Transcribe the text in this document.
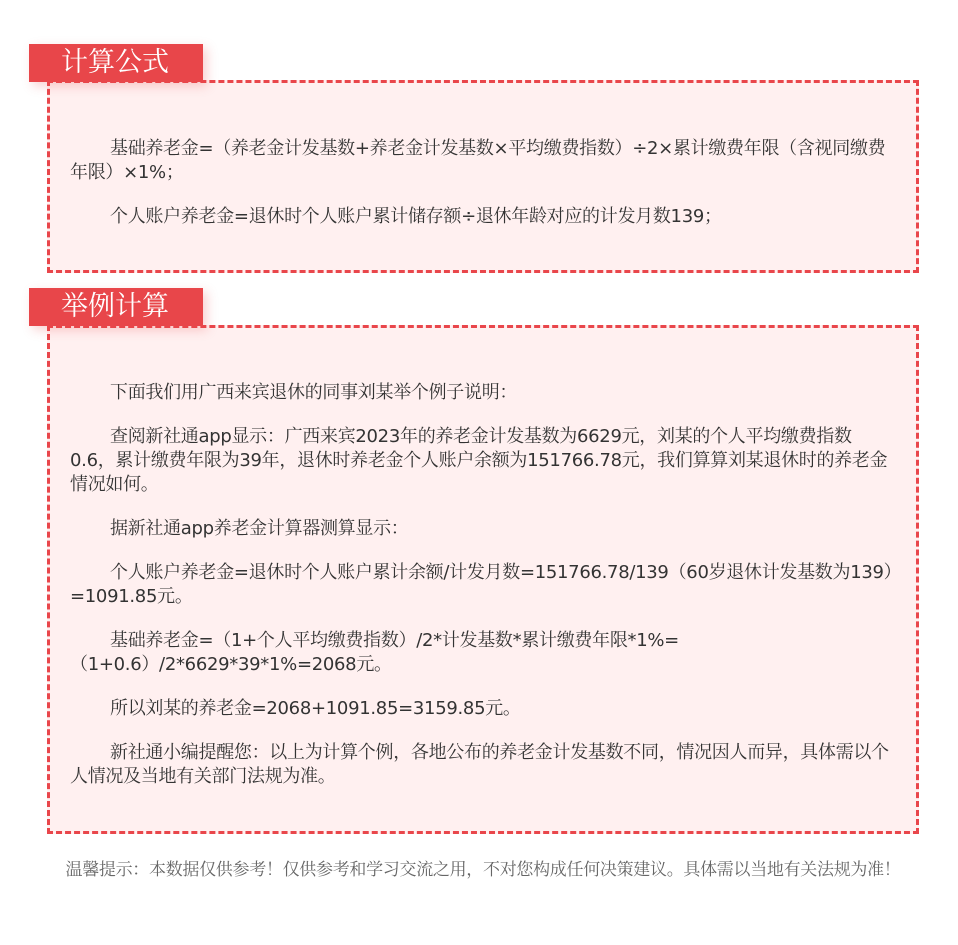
计算公式

基础养老金=（养老金计发基数+养老金计发基数×平均缴费指数）÷2×累计缴费年限（含视同缴费年限）×1%；

个人账户养老金=退休时个人账户累计储存额÷退休年龄对应的计发月数139；

举例计算

下面我们用广西来宾退休的同事刘某举个例子说明：

查阅新社通app显示：广西来宾2023年的养老金计发基数为6629元，刘某的个人平均缴费指数0.6，累计缴费年限为39年，退休时养老金个人账户余额为151766.78元，我们算算刘某退休时的养老金情况如何。

据新社通app养老金计算器测算显示：

个人账户养老金=退休时个人账户累计余额/计发月数=151766.78/139（60岁退休计发基数为139）=1091.85元。

基础养老金=（1+个人平均缴费指数）/2*计发基数*累计缴费年限*1%=（1+0.6）/2*6629*39*1%=2068元。

所以刘某的养老金=2068+1091.85=3159.85元。

新社通小编提醒您：以上为计算个例，各地公布的养老金计发基数不同，情况因人而异，具体需以个人情况及当地有关部门法规为准。

温馨提示：本数据仅供参考！仅供参考和学习交流之用，不对您构成任何决策建议。具体需以当地有关法规为准！
